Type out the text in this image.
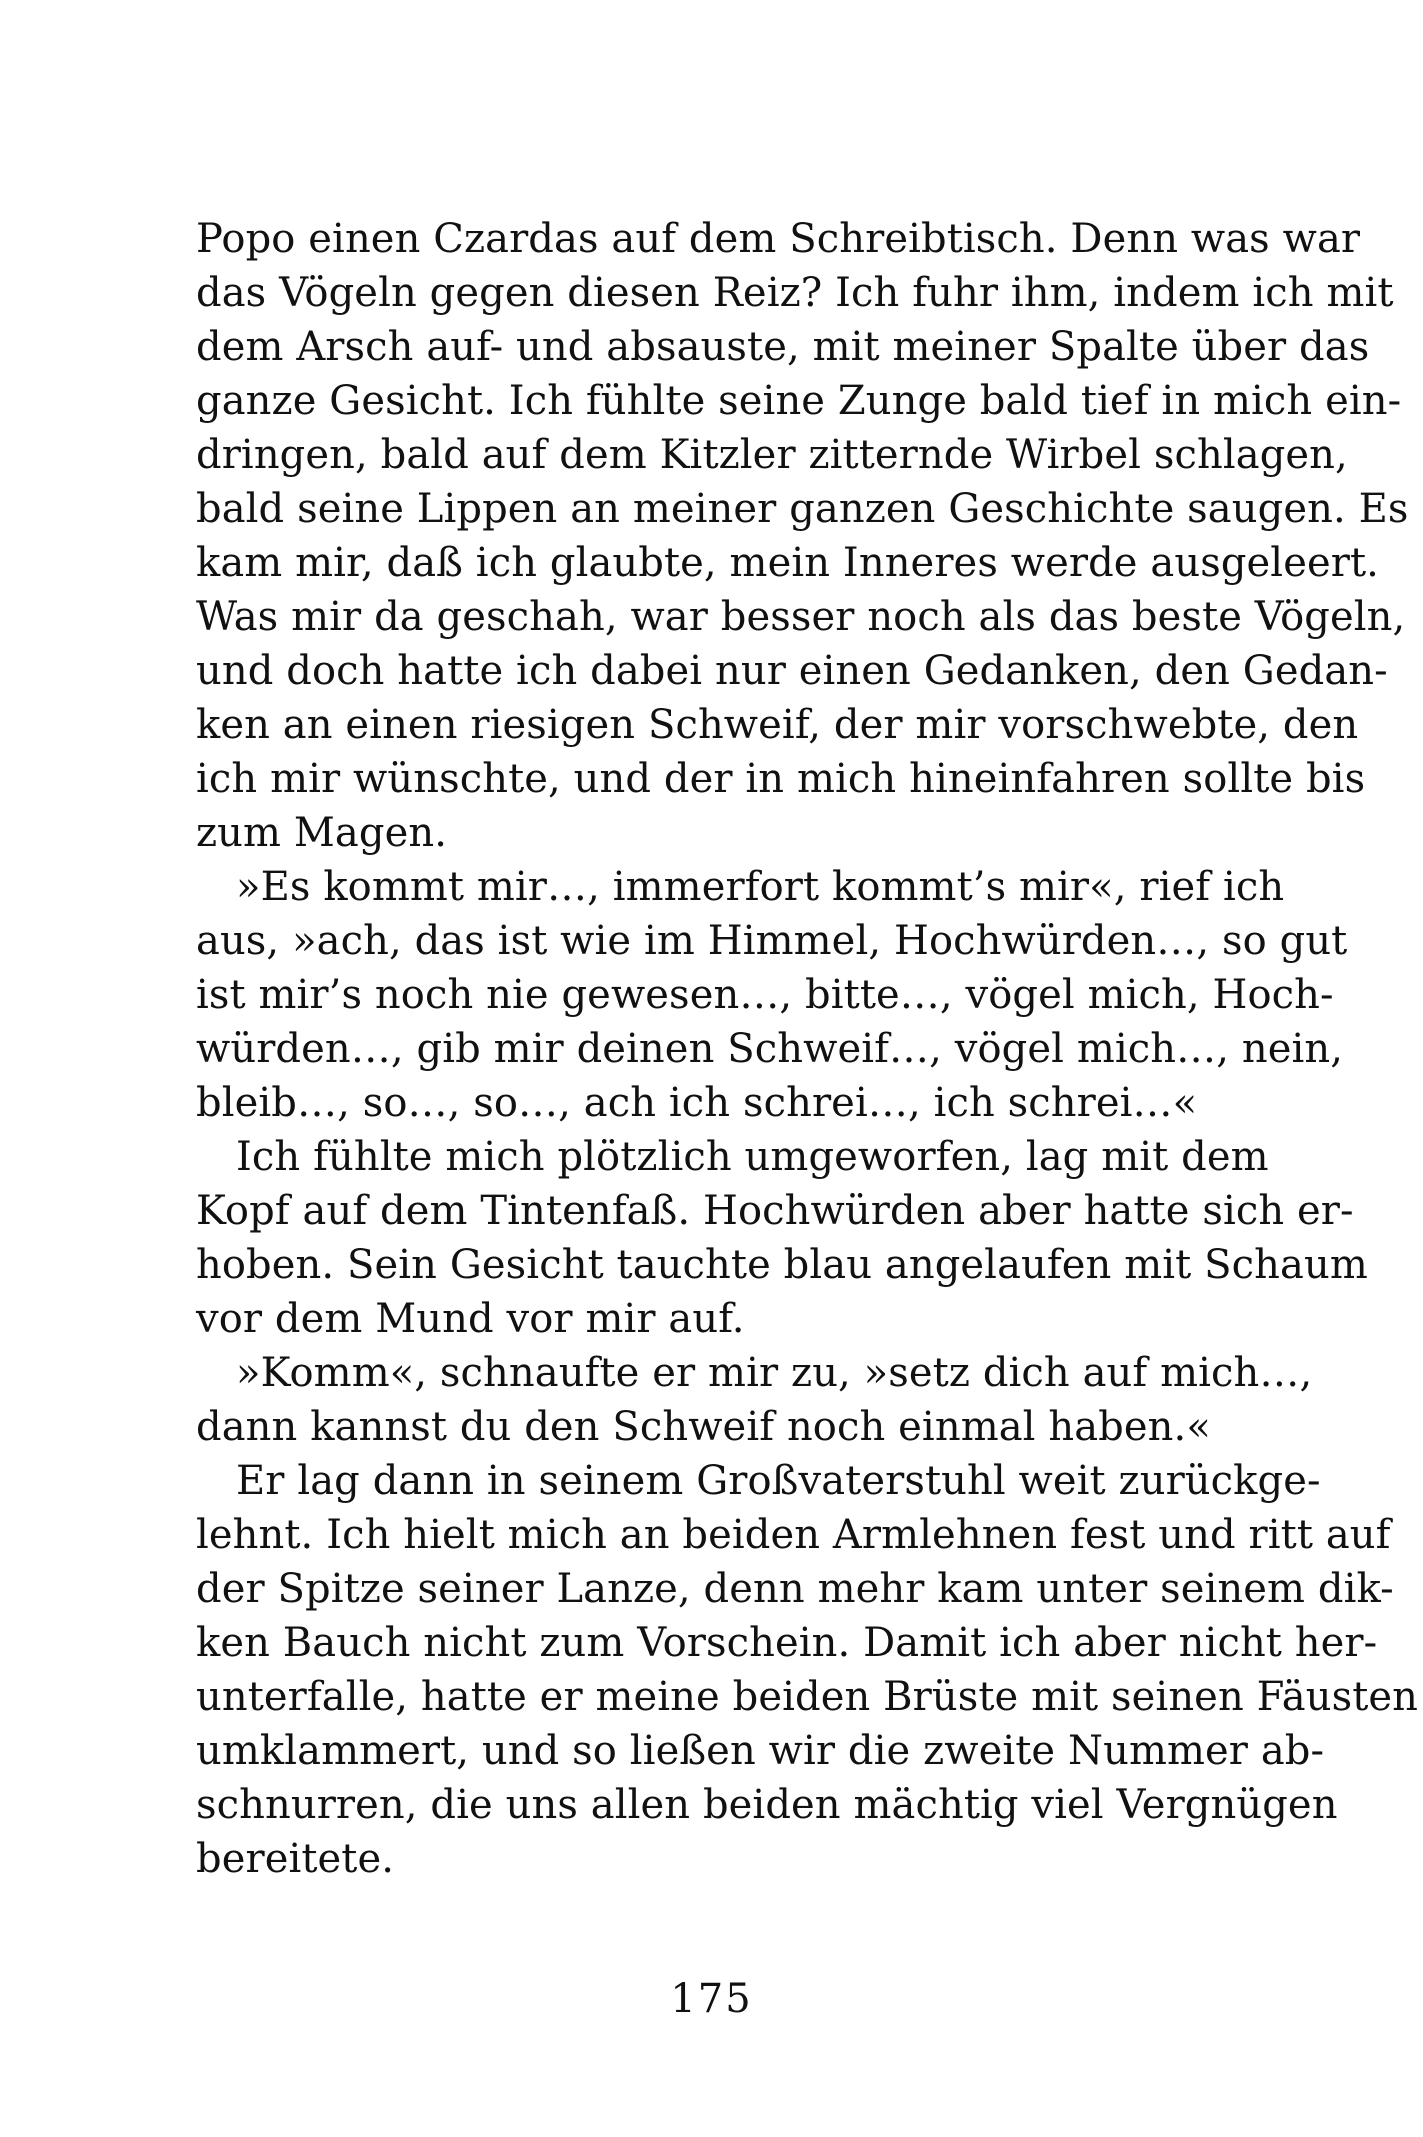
Popo einen Czardas auf dem Schreibtisch. Denn was war
das Vögeln gegen diesen Reiz? Ich fuhr ihm, indem ich mit
dem Arsch auf- und absauste, mit meiner Spalte über das
ganze Gesicht. Ich fühlte seine Zunge bald tief in mich ein-
dringen, bald auf dem Kitzler zitternde Wirbel schlagen,
bald seine Lippen an meiner ganzen Geschichte saugen. Es
kam mir, daß ich glaubte, mein Inneres werde ausgeleert.
Was mir da geschah, war besser noch als das beste Vögeln,
und doch hatte ich dabei nur einen Gedanken, den Gedan-
ken an einen riesigen Schweif, der mir vorschwebte, den
ich mir wünschte, und der in mich hineinfahren sollte bis
zum Magen.
»Es kommt mir…, immerfort kommt’s mir«, rief ich
aus, »ach, das ist wie im Himmel, Hochwürden…, so gut
ist mir’s noch nie gewesen…, bitte…, vögel mich, Hoch-
würden…, gib mir deinen Schweif…, vögel mich…, nein,
bleib…, so…, so…, ach ich schrei…, ich schrei…«
Ich fühlte mich plötzlich umgeworfen, lag mit dem
Kopf auf dem Tintenfaß. Hochwürden aber hatte sich er-
hoben. Sein Gesicht tauchte blau angelaufen mit Schaum
vor dem Mund vor mir auf.
»Komm«, schnaufte er mir zu, »setz dich auf mich…,
dann kannst du den Schweif noch einmal haben.«
Er lag dann in seinem Großvaterstuhl weit zurückge-
lehnt. Ich hielt mich an beiden Armlehnen fest und ritt auf
der Spitze seiner Lanze, denn mehr kam unter seinem dik-
ken Bauch nicht zum Vorschein. Damit ich aber nicht her-
unterfalle, hatte er meine beiden Brüste mit seinen Fäusten
umklammert, und so ließen wir die zweite Nummer ab-
schnurren, die uns allen beiden mächtig viel Vergnügen
bereitete.
175
